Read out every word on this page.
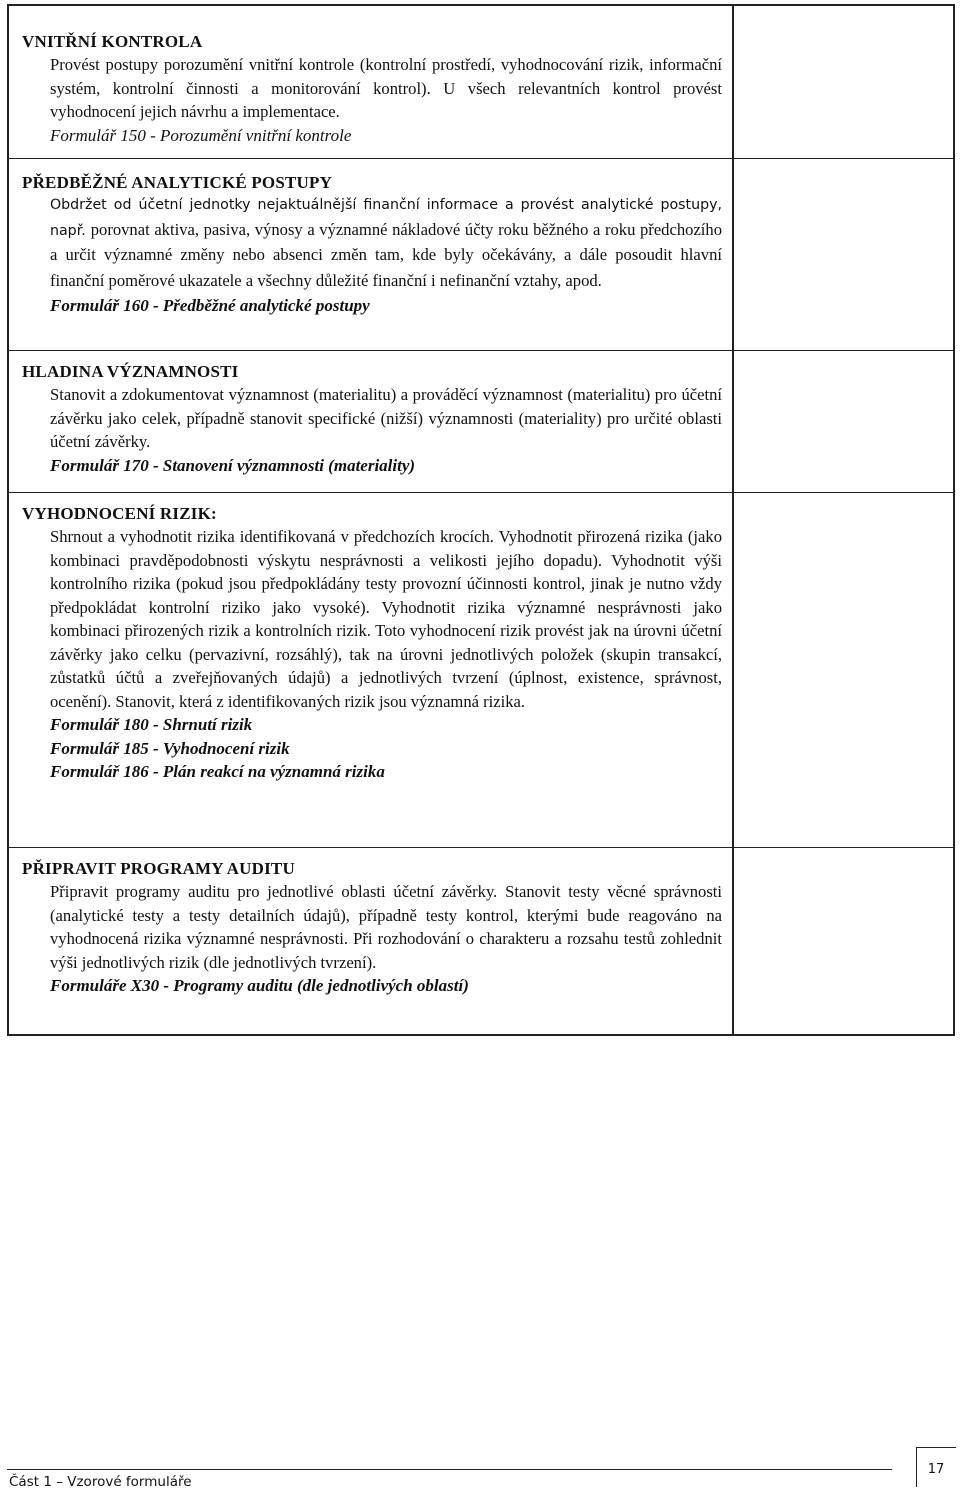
VNITŘNÍ KONTROLA
Provést postupy porozumění vnitřní kontrole (kontrolní prostředí, vyhodnocování rizik, informační systém, kontrolní činnosti a monitorování kontrol). U všech relevantních kontrol provést vyhodnocení jejich návrhu a implementace.
Formulář 150 - Porozumění vnitřní kontrole
PŘEDBĚŽNÉ ANALYTICKÉ POSTUPY
Obdržet od účetní jednotky nejaktuálnější finanční informace a provést analytické postupy, např. porovnat aktiva, pasiva, výnosy a významné nákladové účty roku běžného a roku předchozího a určit významné změny nebo absenci změn tam, kde byly očekávány, a dále posoudit hlavní finanční poměrové ukazatele a všechny důležité finanční i nefinanční vztahy, apod.
Formulář 160 - Předběžné analytické postupy
HLADINA VÝZNAMNOSTI
Stanovit a zdokumentovat významnost (materialitu) a prováděcí významnost (materialitu) pro účetní závěrku jako celek, případně stanovit specifické (nižší) významnosti (materiality) pro určité oblasti účetní závěrky.
Formulář 170 - Stanovení významnosti (materiality)
VYHODNOCENÍ RIZIK:
Shrnout a vyhodnotit rizika identifikovaná v předchozích krocích. Vyhodnotit přirozená rizika (jako kombinaci pravděpodobnosti výskytu nesprávnosti a velikosti jejího dopadu). Vyhodnotit výši kontrolního rizika (pokud jsou předpokládány testy provozní účinnosti kontrol, jinak je nutno vždy předpokládat kontrolní riziko jako vysoké). Vyhodnotit rizika významné nesprávnosti jako kombinaci přirozených rizik a kontrolních rizik. Toto vyhodnocení rizik provést jak na úrovni účetní závěrky jako celku (pervazivní, rozsáhlý), tak na úrovni jednotlivých položek (skupin transakcí, zůstatků účtů a zveřejňovaných údajů) a jednotlivých tvrzení (úplnost, existence, správnost, ocenění). Stanovit, která z identifikovaných rizik jsou významná rizika.
Formulář 180 - Shrnutí rizik
Formulář 185 - Vyhodnocení rizik
Formulář 186 - Plán reakcí na významná rizika
PŘIPRAVIT PROGRAMY AUDITU
Připravit programy auditu pro jednotlivé oblasti účetní závěrky. Stanovit testy věcné správnosti (analytické testy a testy detailních údajů), případně testy kontrol, kterými bude reagováno na vyhodnocená rizika významné nesprávnosti. Při rozhodování o charakteru a rozsahu testů zohlednit výši jednotlivých rizik (dle jednotlivých tvrzení).
Formuláře X30 - Programy auditu (dle jednotlivých oblastí)
Část 1 – Vzorové formuláře
17
